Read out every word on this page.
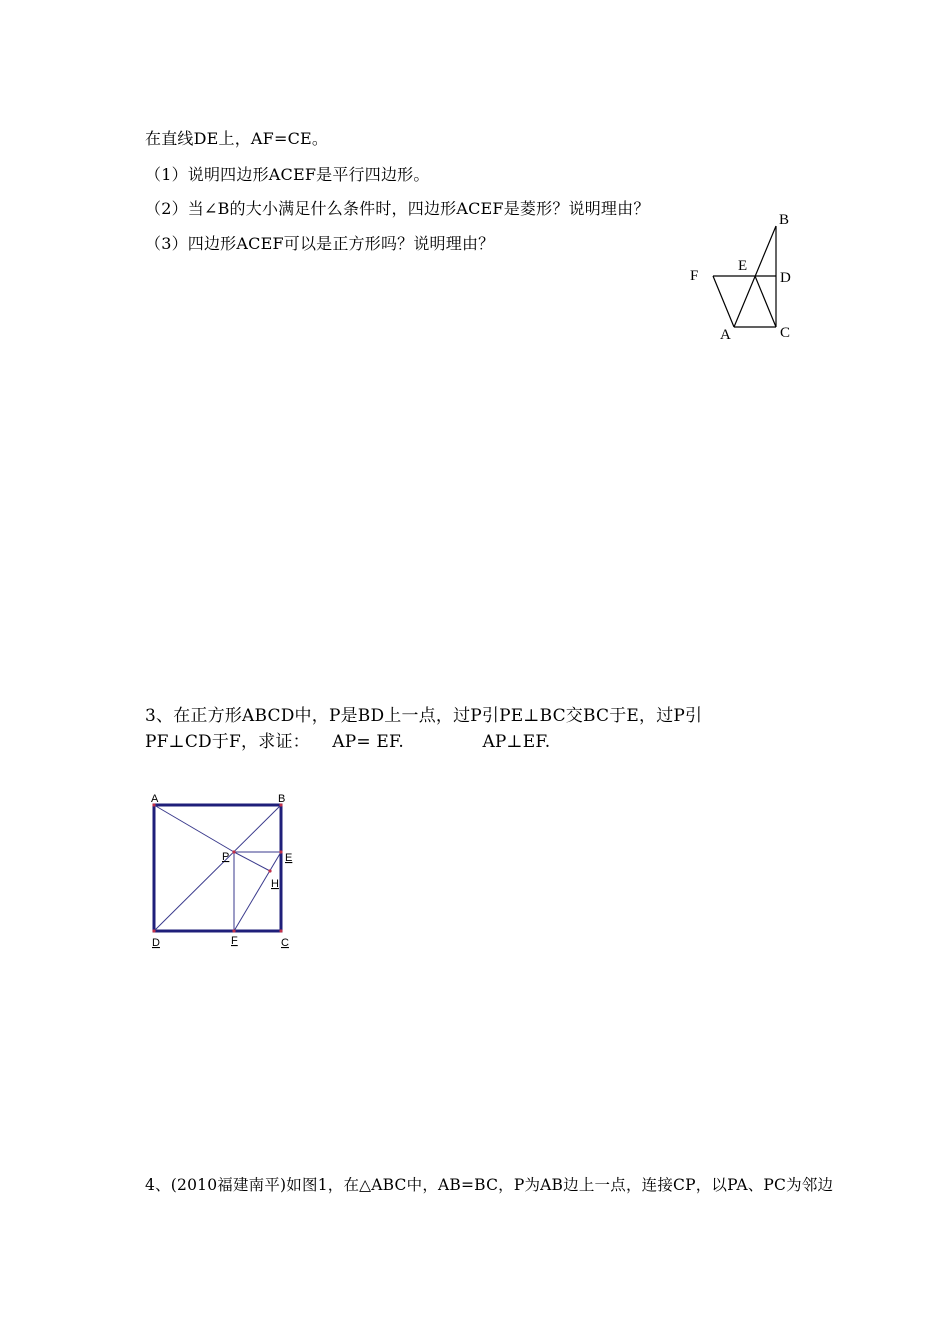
在直线DE上，AF=CE。
（1）说明四边形ACEF是平行四边形。
（2）当∠B的大小满足什么条件时，四边形ACEF是菱形？说明理由？
（3）四边形ACEF可以是正方形吗？说明理由？
B
E
F	D
A	C
3、在正方形ABCD中，P是BD上一点，过P引PE⊥BC交BC于E，过P引
PF⊥CD于F，求证：    AP= EF.              AP⊥EF.
A	B
P	E
H
D	F	C
4、(2010福建南平)如图1，在△ABC中，AB=BC，P为AB边上一点，连接CP，以PA、PC为邻边
